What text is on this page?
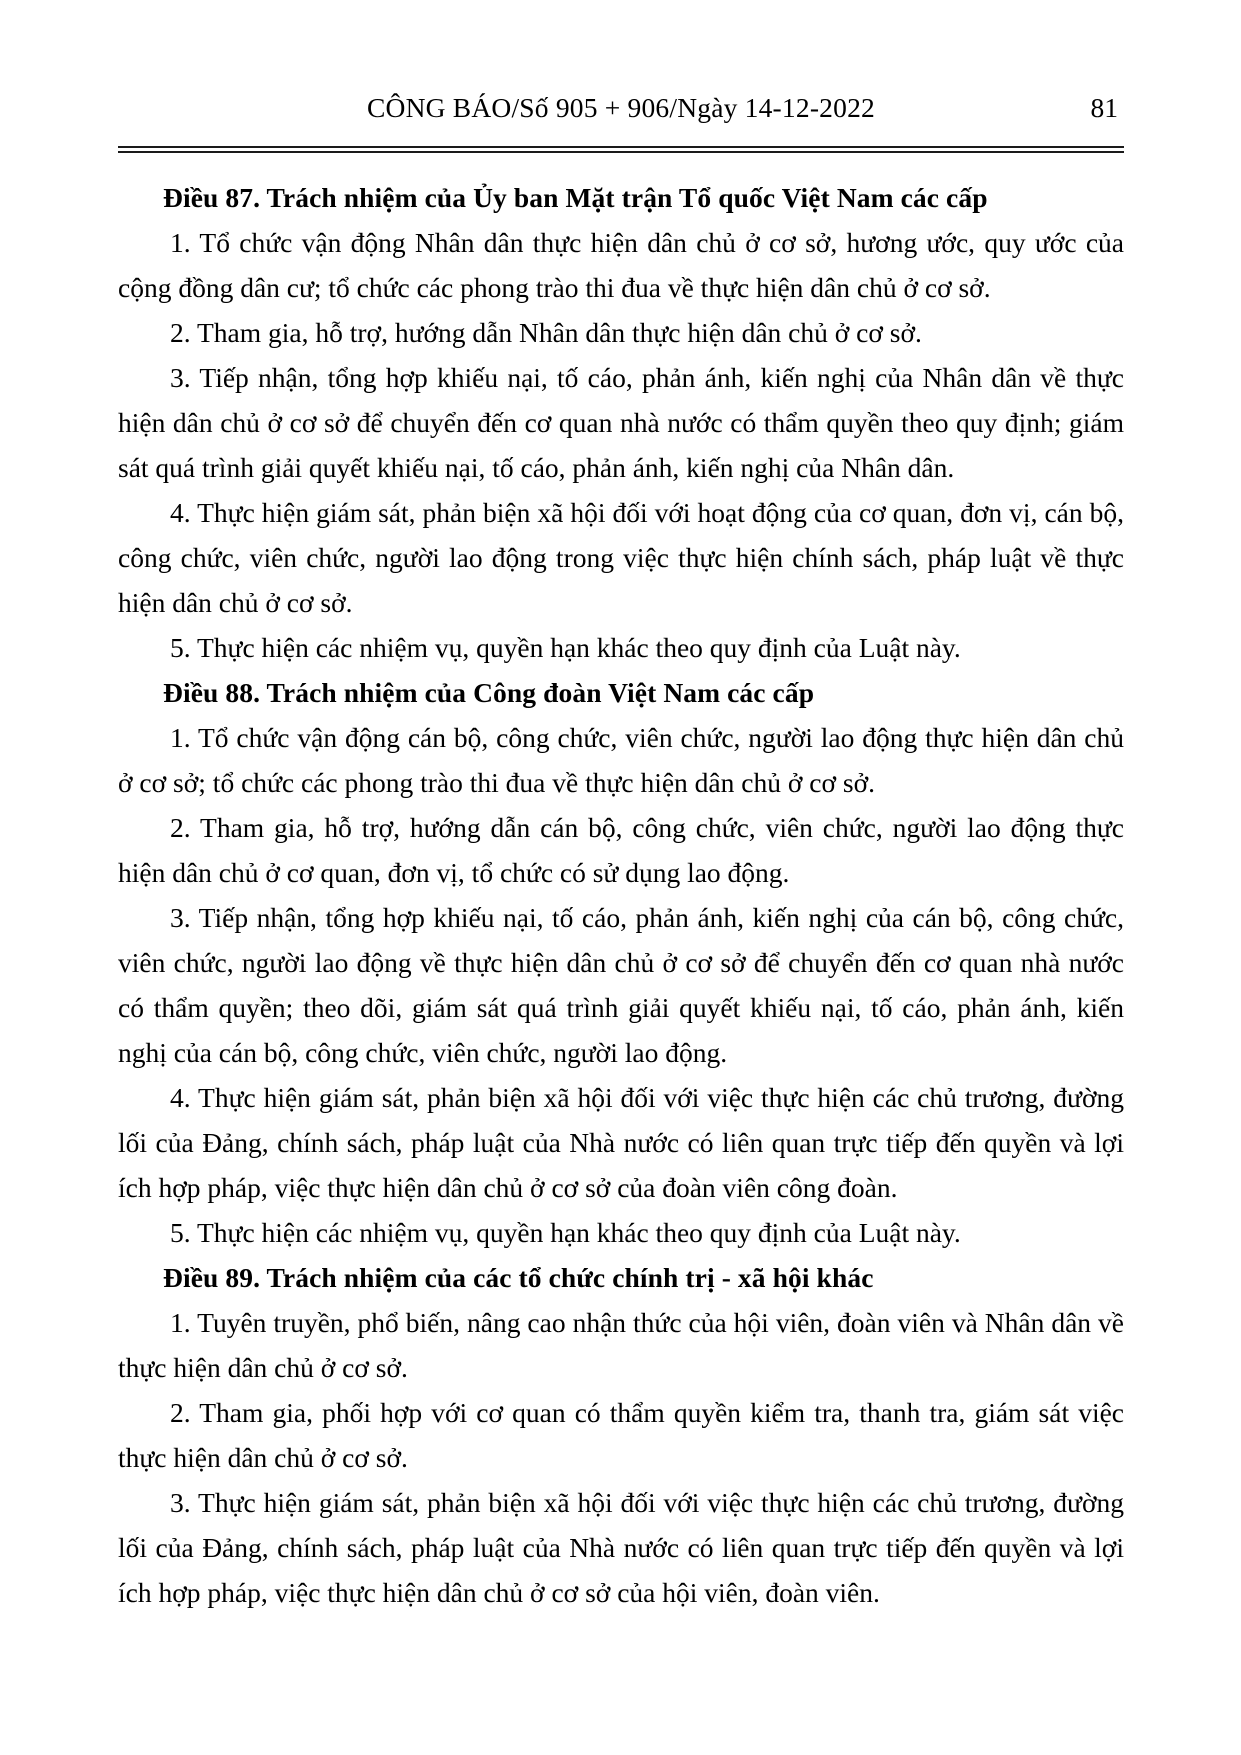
CÔNG BÁO/Số 905 + 906/Ngày 14-12-2022	81
Điều 87. Trách nhiệm của Ủy ban Mặt trận Tổ quốc Việt Nam các cấp

1. Tổ chức vận động Nhân dân thực hiện dân chủ ở cơ sở, hương ước, quy ước của cộng đồng dân cư; tổ chức các phong trào thi đua về thực hiện dân chủ ở cơ sở.

2. Tham gia, hỗ trợ, hướng dẫn Nhân dân thực hiện dân chủ ở cơ sở.

3. Tiếp nhận, tổng hợp khiếu nại, tố cáo, phản ánh, kiến nghị của Nhân dân về thực hiện dân chủ ở cơ sở để chuyển đến cơ quan nhà nước có thẩm quyền theo quy định; giám sát quá trình giải quyết khiếu nại, tố cáo, phản ánh, kiến nghị của Nhân dân.

4. Thực hiện giám sát, phản biện xã hội đối với hoạt động của cơ quan, đơn vị, cán bộ, công chức, viên chức, người lao động trong việc thực hiện chính sách, pháp luật về thực hiện dân chủ ở cơ sở.

5. Thực hiện các nhiệm vụ, quyền hạn khác theo quy định của Luật này.

Điều 88. Trách nhiệm của Công đoàn Việt Nam các cấp

1. Tổ chức vận động cán bộ, công chức, viên chức, người lao động thực hiện dân chủ ở cơ sở; tổ chức các phong trào thi đua về thực hiện dân chủ ở cơ sở.

2. Tham gia, hỗ trợ, hướng dẫn cán bộ, công chức, viên chức, người lao động thực hiện dân chủ ở cơ quan, đơn vị, tổ chức có sử dụng lao động.

3. Tiếp nhận, tổng hợp khiếu nại, tố cáo, phản ánh, kiến nghị của cán bộ, công chức, viên chức, người lao động về thực hiện dân chủ ở cơ sở để chuyển đến cơ quan nhà nước có thẩm quyền; theo dõi, giám sát quá trình giải quyết khiếu nại, tố cáo, phản ánh, kiến nghị của cán bộ, công chức, viên chức, người lao động.

4. Thực hiện giám sát, phản biện xã hội đối với việc thực hiện các chủ trương, đường lối của Đảng, chính sách, pháp luật của Nhà nước có liên quan trực tiếp đến quyền và lợi ích hợp pháp, việc thực hiện dân chủ ở cơ sở của đoàn viên công đoàn.

5. Thực hiện các nhiệm vụ, quyền hạn khác theo quy định của Luật này.

Điều 89. Trách nhiệm của các tổ chức chính trị - xã hội khác

1. Tuyên truyền, phổ biến, nâng cao nhận thức của hội viên, đoàn viên và Nhân dân về thực hiện dân chủ ở cơ sở.

2. Tham gia, phối hợp với cơ quan có thẩm quyền kiểm tra, thanh tra, giám sát việc thực hiện dân chủ ở cơ sở.

3. Thực hiện giám sát, phản biện xã hội đối với việc thực hiện các chủ trương, đường lối của Đảng, chính sách, pháp luật của Nhà nước có liên quan trực tiếp đến quyền và lợi ích hợp pháp, việc thực hiện dân chủ ở cơ sở của hội viên, đoàn viên.
